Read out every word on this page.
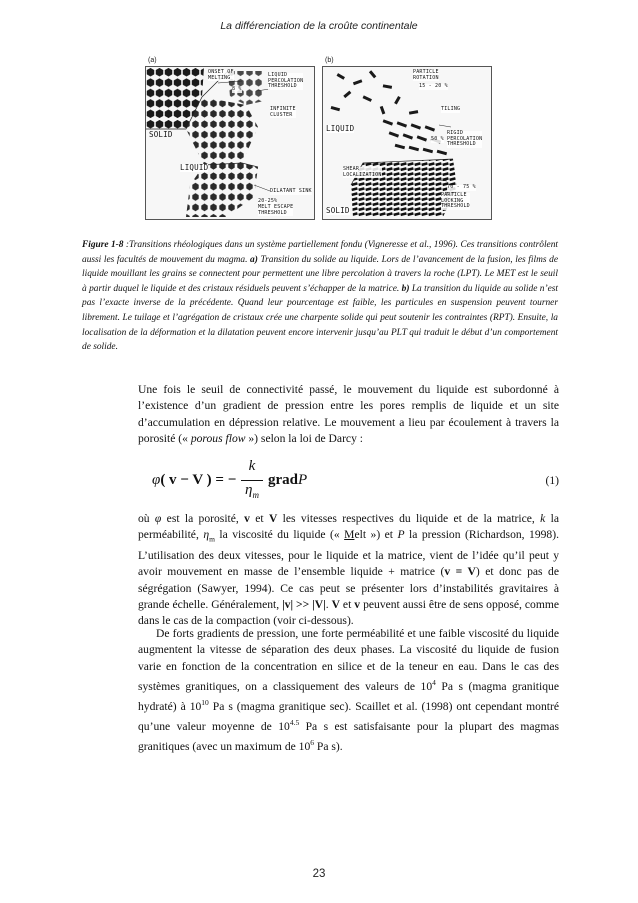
La différenciation de la croûte continentale
(a)	(b)
ONSET OF
MELTING
8 %
LIQUID
PERCOLATION
THRESHOLD
INFINITE
CLUSTER
SOLID
LIQUID
DILATANT SINK
20-25%
MELT ESCAPE
THRESHOLD
PARTICLE
ROTATION
15 - 20 %
TILING
LIQUID
50 %
RIGID
PERCOLATION
THRESHOLD
SHEAR
LOCALIZATION
70 - 75 %
PARTICLE
LOCKING
THRESHOLD
SOLID
Figure 1-8 :Transitions rhéologiques dans un système partiellement fondu (Vigneresse et al., 1996). Ces transitions contrôlent aussi les facultés de mouvement du magma. a) Transition du solide au liquide. Lors de l’avancement de la fusion, les films de liquide mouillant les grains se connectent pour permettent une libre percolation à travers la roche (LPT). Le MET est le seuil à partir duquel le liquide et des cristaux résiduels peuvent s’échapper de la matrice. b) La transition du liquide au solide n’est pas l’exacte inverse de la précédente. Quand leur pourcentage est faible, les particules en suspension peuvent tourner librement. Le tuilage et l’agrégation de cristaux crée une charpente solide qui peut soutenir les contraintes (RPT). Ensuite, la localisation de la déformation et la dilatation peuvent encore intervenir jusqu’au PLT qui traduit le début d’un comportement de solide.
Une fois le seuil de connectivité passé, le mouvement du liquide est subordonné à l’existence d’un gradient de pression entre les pores remplis de liquide et un site d’accumulation en dépression relative. Le mouvement a lieu par écoulement à travers la porosité (« porous flow ») selon la loi de Darcy :
φ( v − V ) = −
k
$\eta_m$
gradP	(1)
où φ est la porosité, v et V les vitesses respectives du liquide et de la matrice, k la perméabilité, $\eta_m$ la viscosité du liquide (« Melt ») et P la pression (Richardson, 1998). L’utilisation des deux vitesses, pour le liquide et la matrice, vient de l’idée qu’il peut y avoir mouvement en masse de l’ensemble liquide + matrice (v = V) et donc pas de ségrégation (Sawyer, 1994). Ce cas peut se présenter lors d’instabilités gravitaires à grande échelle. Généralement, |v| >> |V|. V et v peuvent aussi être de sens opposé, comme dans le cas de la compaction (voir ci-dessous).
De forts gradients de pression, une forte perméabilité et une faible viscosité du liquide augmentent la vitesse de séparation des deux phases. La viscosité du liquide de fusion varie en fonction de la concentration en silice et de la teneur en eau. Dans le cas des systèmes granitiques, on a classiquement des valeurs de $10^4$ Pa s (magma granitique hydraté) à $10^{10}$ Pa s (magma granitique sec). Scaillet et al. (1998) ont cependant montré qu’une valeur moyenne de $10^{4.5}$ Pa s est satisfaisante pour la plupart des magmas granitiques (avec un maximum de $10^6$ Pa s).
23
